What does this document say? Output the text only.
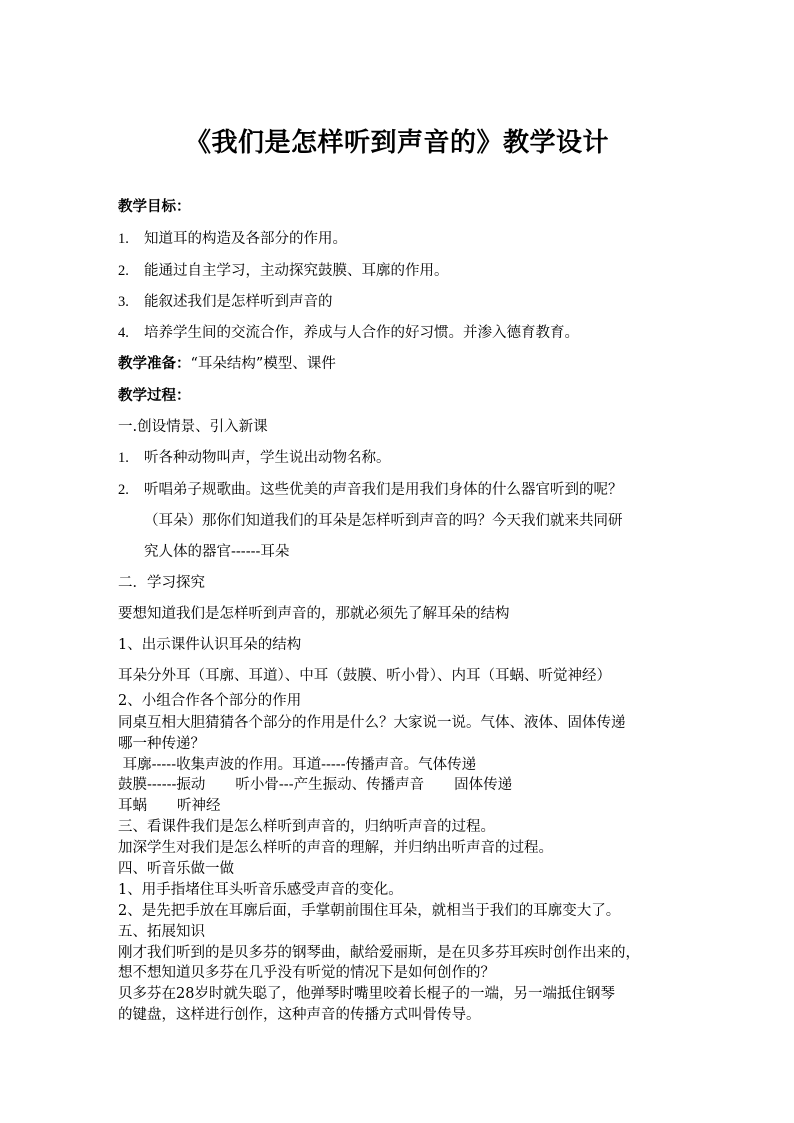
《我们是怎样听到声音的》教学设计
教学目标：
1. 知道耳的构造及各部分的作用。
2. 能通过自主学习，主动探究鼓膜、耳廓的作用。
3. 能叙述我们是怎样听到声音的
4. 培养学生间的交流合作，养成与人合作的好习惯。并渗入德育教育。
教学准备：“耳朵结构”模型、课件
教学过程：
一.创设情景、引入新课
1. 听各种动物叫声，学生说出动物名称。
2. 听唱弟子规歌曲。这些优美的声音我们是用我们身体的什么器官听到的呢？
（耳朵）那你们知道我们的耳朵是怎样听到声音的吗？今天我们就来共同研
究人体的器官------耳朵
二．学习探究
要想知道我们是怎样听到声音的，那就必须先了解耳朵的结构
1、出示课件认识耳朵的结构
耳朵分外耳（耳廓、耳道）、中耳（鼓膜、听小骨）、内耳（耳蜗、听觉神经）
2、小组合作各个部分的作用
同桌互相大胆猜猜各个部分的作用是什么？大家说一说。气体、液体、固体传递
哪一种传递？
耳廓-----收集声波的作用。耳道-----传播声音。气体传递
鼓膜------振动 听小骨---产生振动、传播声音 固体传递
耳蜗 听神经
三、看课件我们是怎么样听到声音的，归纳听声音的过程。
加深学生对我们是怎么样听的声音的理解，并归纳出听声音的过程。
四、听音乐做一做
1、用手指堵住耳头听音乐感受声音的变化。
2、是先把手放在耳廓后面，手掌朝前围住耳朵，就相当于我们的耳廓变大了。
五、拓展知识
刚才我们听到的是贝多芬的钢琴曲，献给爱丽斯，是在贝多芬耳疾时创作出来的，
想不想知道贝多芬在几乎没有听觉的情况下是如何创作的？
贝多芬在28岁时就失聪了，他弹琴时嘴里咬着长棍子的一端，另一端抵住钢琴
的键盘，这样进行创作，这种声音的传播方式叫骨传导。
